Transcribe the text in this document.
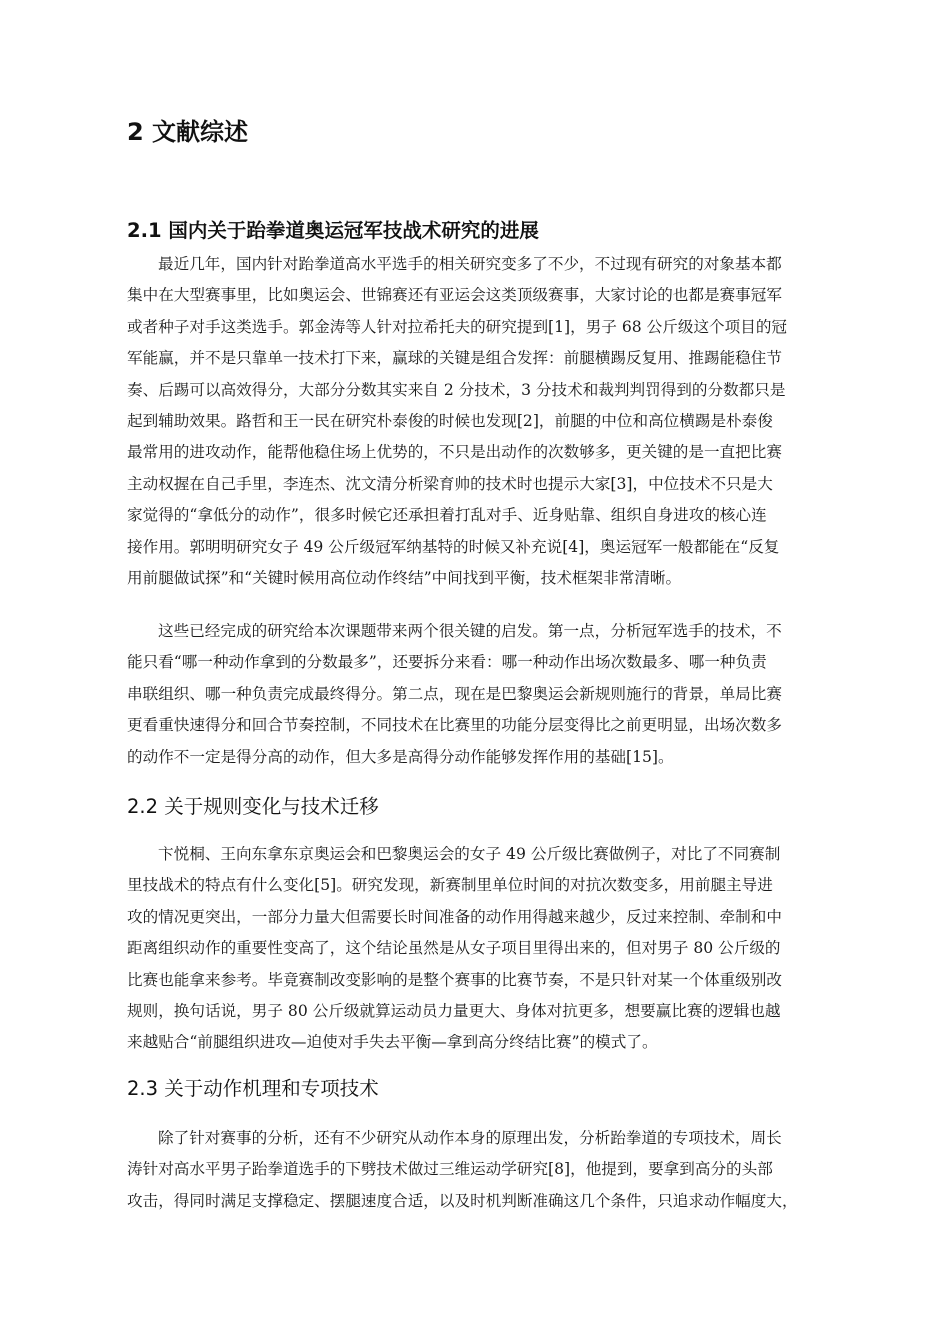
2 文献综述
2.1 国内关于跆拳道奥运冠军技战术研究的进展
最近几年，国内针对跆拳道高水平选手的相关研究变多了不少，不过现有研究的对象基本都
集中在大型赛事里，比如奥运会、世锦赛还有亚运会这类顶级赛事，大家讨论的也都是赛事冠军
或者种子对手这类选手。郭金涛等人针对拉希托夫的研究提到[1]，男子 68 公斤级这个项目的冠
军能赢，并不是只靠单一技术打下来，赢球的关键是组合发挥：前腿横踢反复用、推踢能稳住节
奏、后踢可以高效得分，大部分分数其实来自 2 分技术，3 分技术和裁判判罚得到的分数都只是
起到辅助效果。路哲和王一民在研究朴泰俊的时候也发现[2]，前腿的中位和高位横踢是朴泰俊
最常用的进攻动作，能帮他稳住场上优势的，不只是出动作的次数够多，更关键的是一直把比赛
主动权握在自己手里，李连杰、沈文清分析梁育帅的技术时也提示大家[3]，中位技术不只是大
家觉得的“拿低分的动作”，很多时候它还承担着打乱对手、近身贴靠、组织自身进攻的核心连
接作用。郭明明研究女子 49 公斤级冠军纳基特的时候又补充说[4]，奥运冠军一般都能在“反复
用前腿做试探”和“关键时候用高位动作终结”中间找到平衡，技术框架非常清晰。
这些已经完成的研究给本次课题带来两个很关键的启发。第一点，分析冠军选手的技术，不
能只看“哪一种动作拿到的分数最多”，还要拆分来看：哪一种动作出场次数最多、哪一种负责
串联组织、哪一种负责完成最终得分。第二点，现在是巴黎奥运会新规则施行的背景，单局比赛
更看重快速得分和回合节奏控制，不同技术在比赛里的功能分层变得比之前更明显，出场次数多
的动作不一定是得分高的动作，但大多是高得分动作能够发挥作用的基础[15]。
2.2 关于规则变化与技术迁移
卞悦桐、王向东拿东京奥运会和巴黎奥运会的女子 49 公斤级比赛做例子，对比了不同赛制
里技战术的特点有什么变化[5]。研究发现，新赛制里单位时间的对抗次数变多，用前腿主导进
攻的情况更突出，一部分力量大但需要长时间准备的动作用得越来越少，反过来控制、牵制和中
距离组织动作的重要性变高了，这个结论虽然是从女子项目里得出来的，但对男子 80 公斤级的
比赛也能拿来参考。毕竟赛制改变影响的是整个赛事的比赛节奏，不是只针对某一个体重级别改
规则，换句话说，男子 80 公斤级就算运动员力量更大、身体对抗更多，想要赢比赛的逻辑也越
来越贴合“前腿组织进攻—迫使对手失去平衡—拿到高分终结比赛”的模式了。
2.3 关于动作机理和专项技术
除了针对赛事的分析，还有不少研究从动作本身的原理出发，分析跆拳道的专项技术，周长
涛针对高水平男子跆拳道选手的下劈技术做过三维运动学研究[8]，他提到，要拿到高分的头部
攻击，得同时满足支撑稳定、摆腿速度合适，以及时机判断准确这几个条件，只追求动作幅度大，
